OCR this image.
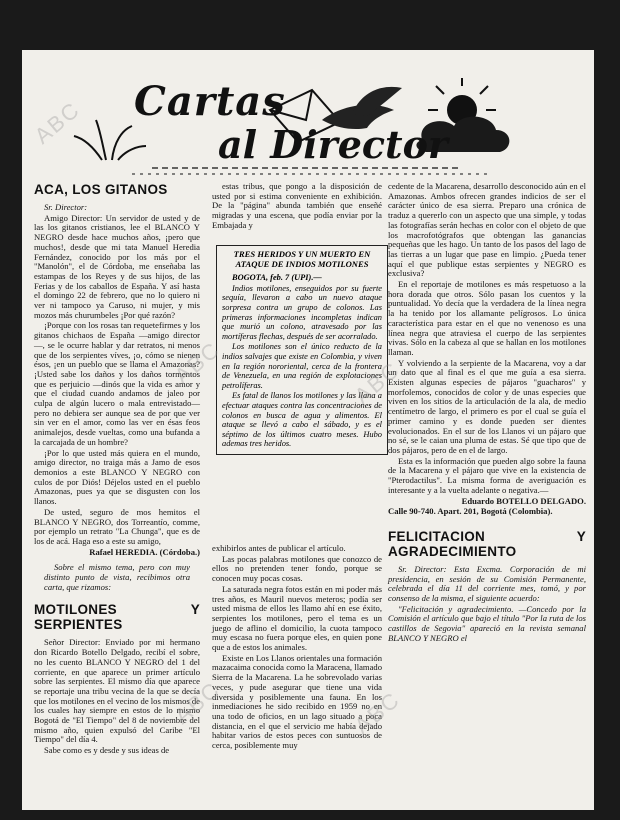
Cartas
al Director
ACA, LOS GITANOS

Sr. Director:

Amigo Director: Un servidor de usted y de las los gitanos cristianos, lee el BLANCO Y NEGRO desde hace muchos años, ¡pero que muchos!, desde que mi tata Manuel Heredia Fernández, conocido por los más por el "Manolón", el de Córdoba, me enseñaba las estampas de los Reyes y de sus hijos, de las Ferias y de los caballos de España. Y así hasta el domingo 22 de febrero, que no lo quiero ni ver ni tampoco ya Caruso, ni mujer, y mis mozos más churumbeles ¡Por qué razón?

¡Porque con los rosas tan requetefirmes y los gitanos chichaos de España —amigo director—, se le ocurre hablar y dar retratos, ni menos que de los serpientes víves, ¡o, cómo se nienen ésos, ¡en un pueblo que se llama el Amazonas? ¡Usted sabe los daños y los daños tormentos que es perjuicio —dinós que la vida es amor y que el ciudad cuando andamos de jaleo por culpa de algún lucero o mala entrevistado— pero no debiera ser aunque sea de por que ver sin ver en el amor, como las ver en ésas feos animalejos, desde vueltas, como una bufanda a la carcajada de un hombre?

¡Por lo que usted más quiera en el mundo, amigo director, no traiga más a Jamo de esos demonios a este BLANCO Y NEGRO con culos de por Diós! Déjelos usted en el pueblo Amazonas, pues ya que se disgusten con los llanos.

De usted, seguro de mos hemitos el BLANCO Y NEGRO, dos Torreantío, comme, por ejemplo un retrato "La Chunga", que es de los de acá. Haga eso a este su amigo,

Rafael HEREDIA. (Córdoba.)

Sobre el mismo tema, pero con muy distinto punto de vista, recibimos otra carta, que rizamos:

MOTILONES Y SERPIENTES

Señor Director: Enviado por mi hermano don Ricardo Botello Delgado, recibí el sobre, no les cuento BLANCO Y NEGRO del 1 del corriente, en que aparece un primer artículo sobre las serpientes. El mismo día que aparece se reportaje una tribu vecina de la que se decía que los motilones en el vecino de los mismos de los cuales hay siempre en estos de lo mismo Bogotá de "El Tiempo" del 8 de noviembre del mismo año, quien expulsó del Caribe "El Tiempo" del día 4.

Sabe como es y desde y sus ideas de

estas tribus, que pongo a la disposición de usted por si estima conveniente en exhibición. De la "página" abunda también que enseñé migradas y una escena, que podía enviar por la Embajada y

TRES HERIDOS Y UN MUERTO EN ATAQUE DE INDIOS MOTILONES

BOGOTA, feb. 7 (UPI).—

Indios motilones, enseguidos por su fuerte sequía, llevaron a cabo un nuevo ataque sorpresa contra un grupo de colonos. Las primeras informaciones incompletas indican que murió un colono, atravesado por las mortíferas flechas, después de ser acorralado.

Los motilones son el único reducto de la indios salvajes que existe en Colombia, y viven en la región nororiental, cerca de la frontera de Venezuela, en una región de explotaciones petrolíferas.

Es fatal de llanos los motilones y las llana a efectuar ataques contra las concentraciones de colonos en busca de agua y alimentos. El ataque se llevó a cabo el sábado, y es el séptimo de los últimos cuatro meses. Hubo ademas tres heridos.

exhibirlos antes de publicar el artículo.

Las pocas palabras motilones que conozco de ellos no pretenden tener fondo, porque se conocen muy pocas cosas.

La saturada negra fotos están en mi poder más tres años, es Mauril nuevos meteros; podía ser usted misma de ellos les llamo ahí en ese éxito, serpientes los motilones, pero el tema es un juego de aflino el domicilio, la cuota tampoco muy escasa no fuera porque eles, en quien pone que a de estos los animales.

Existe en Los Llanos orientales una formación mazacaima conocida como la Maracena, llamado Sierra de la Macarena. La he sobrevolado varias veces, y pude asegurar que tiene una vida diversida y posiblemente una fauna. En los inmediaciones he sido recibido en 1959 no en una todo de oficios, en un lago situado a poca distancia, en el que el servicio me había dejado habitar varios de estos peces con suntuosos de cerca, posiblemente muy

cedente de la Macarena, desarrollo desconocido aún en el Amazonas. Ambos ofrecen grandes indicios de ser el carácter único de esa sierra. Preparo una crónica de traduz a quererlo con un aspecto que una simple, y todas las fotografías serán hechas en color con el objeto de que los macrofotógrafos que obtengan las ganancias pequeñas que les hago. Un tanto de los pasos del lago de las tierras a un lugar que pase en limpio. ¿Pueda tener aquí el que publique estas serpientes y NEGRO es exclusiva?

En el reportaje de motilones es más respetuoso a la hora dorada que otros. Sólo pasan los cuentos y la puntualidad. Yo decía que la verdadera de la línea negra la ha tenido por los allamante pelígrosos. Lo única característica para estar en el que no venenoso es una línea negra que atraviesa el cuerpo de las serpientes vivas. Sólo en la cabeza al que se hallan en los motilones llaman.

Y volviendo a la serpiente de la Macarena, voy a dar un dato que al final es el que me guía a esa sierra. Existen algunas especies de pájaros "guacharos" y morfolemos, conocidos de color y de unas especies que viven en los sitios de la articulación de la ala, de medio centímetro de largo, el primero es por el cual se guía el primer camino y es donde pueden ser dientes evolucionados. En el sur de los Llanos vi un pájaro que no sé, se le caian una pluma de estas. Sé que tipo que de dos pájaros, pero de en el de largo.

Esta es la información que pueden algo sobre la fauna de la Macarena y el pájaro que vive en la existencia de "Pterodactilus". La misma forma de averiguación es interesante y a la vuelta adelante o negativa.—

Eduardo BOTELLO DELGADO.

Calle 90-740. Apart. 201, Bogotá (Colombia).

FELICITACION Y AGRADECIMIENTO

Sr. Director: Esta Excma. Corporación de mi presidencia, en sesión de su Comisión Permanente, celebrada el día 11 del corriente mes, tomó, y por consenso de la misma, el siguiente acuerdo:

"Felicitación y agradecimiento. —Concedo por la Comisión el artículo que bajo el título "Por la ruta de los castillos de Segovia" apareció en la revista semanal BLANCO Y NEGRO el

ABC
ABC	ABC
ABC	ABC
